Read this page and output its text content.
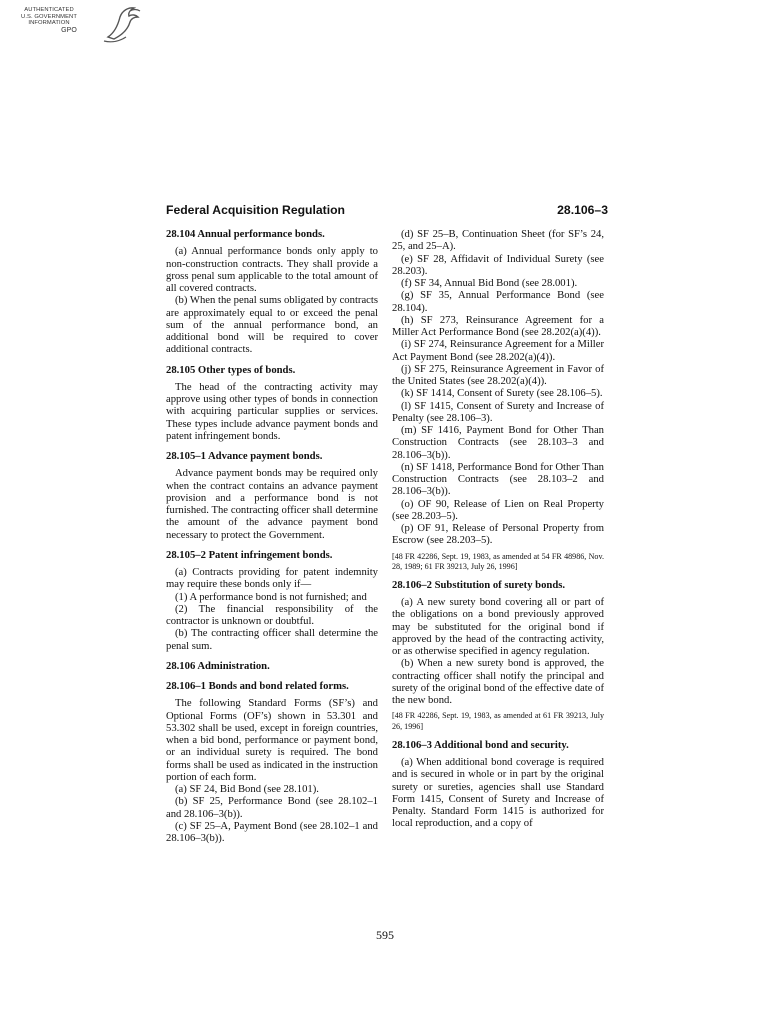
AUTHENTICATED
U.S. GOVERNMENT
INFORMATION
GPO
Federal Acquisition Regulation	28.106–3
28.104 Annual performance bonds.

(a) Annual performance bonds only apply to non-construction contracts. They shall provide a gross penal sum applicable to the total amount of all covered contracts.

(b) When the penal sums obligated by contracts are approximately equal to or exceed the penal sum of the annual performance bond, an additional bond will be required to cover additional contracts.

28.105 Other types of bonds.

The head of the contracting activity may approve using other types of bonds in connection with acquiring particular supplies or services. These types include advance payment bonds and patent infringement bonds.

28.105–1 Advance payment bonds.

Advance payment bonds may be required only when the contract contains an advance payment provision and a performance bond is not furnished. The contracting officer shall determine the amount of the advance payment bond necessary to protect the Government.

28.105–2 Patent infringement bonds.

(a) Contracts providing for patent indemnity may require these bonds only if—

(1) A performance bond is not furnished; and

(2) The financial responsibility of the contractor is unknown or doubtful.

(b) The contracting officer shall determine the penal sum.

28.106 Administration.
28.106–1 Bonds and bond related forms.

The following Standard Forms (SF’s) and Optional Forms (OF’s) shown in 53.301 and 53.302 shall be used, except in foreign countries, when a bid bond, performance or payment bond, or an individual surety is required. The bond forms shall be used as indicated in the instruction portion of each form.

(a) SF 24, Bid Bond (see 28.101).

(b) SF 25, Performance Bond (see 28.102–1 and 28.106–3(b)).

(c) SF 25–A, Payment Bond (see 28.102–1 and 28.106–3(b)).

(d) SF 25–B, Continuation Sheet (for SF’s 24, 25, and 25–A).

(e) SF 28, Affidavit of Individual Surety (see 28.203).

(f) SF 34, Annual Bid Bond (see 28.001).

(g) SF 35, Annual Performance Bond (see 28.104).

(h) SF 273, Reinsurance Agreement for a Miller Act Performance Bond (see 28.202(a)(4)).

(i) SF 274, Reinsurance Agreement for a Miller Act Payment Bond (see 28.202(a)(4)).

(j) SF 275, Reinsurance Agreement in Favor of the United States (see 28.202(a)(4)).

(k) SF 1414, Consent of Surety (see 28.106–5).

(l) SF 1415, Consent of Surety and Increase of Penalty (see 28.106–3).

(m) SF 1416, Payment Bond for Other Than Construction Contracts (see 28.103–3 and 28.106–3(b)).

(n) SF 1418, Performance Bond for Other Than Construction Contracts (see 28.103–2 and 28.106–3(b)).

(o) OF 90, Release of Lien on Real Property (see 28.203–5).

(p) OF 91, Release of Personal Property from Escrow (see 28.203–5).

[48 FR 42286, Sept. 19, 1983, as amended at 54 FR 48986, Nov. 28, 1989; 61 FR 39213, July 26, 1996]

28.106–2 Substitution of surety bonds.

(a) A new surety bond covering all or part of the obligations on a bond previously approved may be substituted for the original bond if approved by the head of the contracting activity, or as otherwise specified in agency regulation.

(b) When a new surety bond is approved, the contracting officer shall notify the principal and surety of the original bond of the effective date of the new bond.

[48 FR 42286, Sept. 19, 1983, as amended at 61 FR 39213, July 26, 1996]

28.106–3 Additional bond and security.

(a) When additional bond coverage is required and is secured in whole or in part by the original surety or sureties, agencies shall use Standard Form 1415, Consent of Surety and Increase of Penalty. Standard Form 1415 is authorized for local reproduction, and a copy of

595
